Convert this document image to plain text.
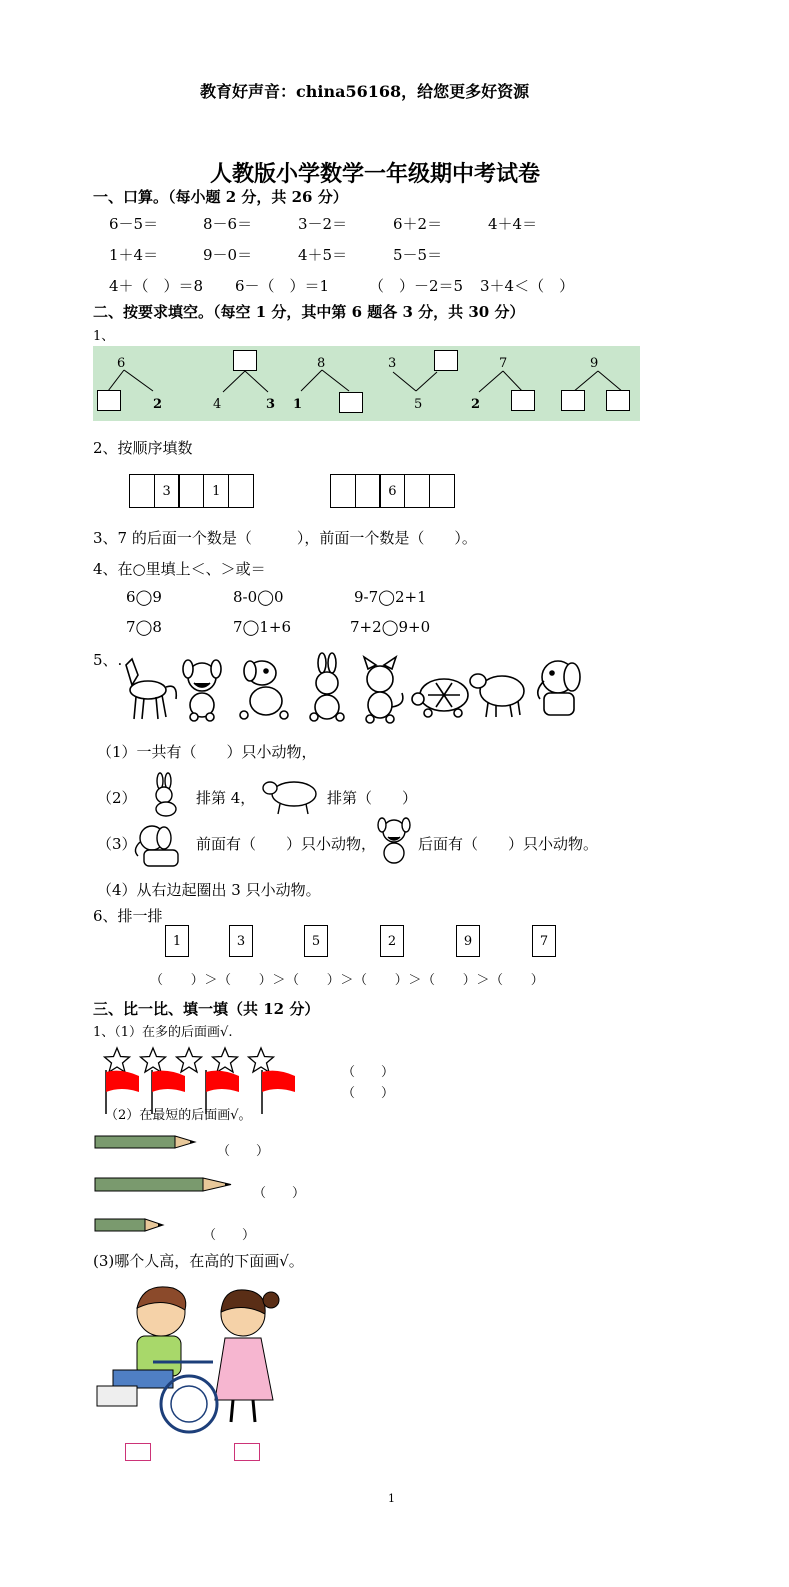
教育好声音：china56168，给您更多好资源
人教版小学数学一年级期中考试卷
一、口算。（每小题 2 分，共 26 分）
6－5＝	8－6＝	3－2＝	6＋2＝	4＋4＝
1＋4＝	9－0＝	4＋5＝	5－5＝
4＋（　）＝8 6－（　）＝1	（　）－2＝5 3＋4＜（　）
二、按要求填空。（每空 1 分，其中第 6 题各 3 分，共 30 分）
1、
6
2	4	3
8
1
3
5
7
2
9
2、按顺序填数
3	1	6
3、7 的后面一个数是（　　　），前面一个数是（　　）。
4、在○里填上＜、＞或＝
6◯9	8-0◯0	9-7◯2+1
7◯8	7◯1+6	7+2◯9+0
5、.
（1）一共有（　　）只小动物，
（2）	排第 4，	排第（　　）
（3）	前面有（　　）只小动物，	后面有（　　）只小动物。
（4）从右边起圈出 3 只小动物。
6、排一排
1	3	5	2	9	7
（　　）＞（　　）＞（　　）＞（　　）＞（　　）＞（　　）
三、比一比、填一填（共 12 分）
1、（1）在多的后面画√.
（　　）
（　　）
（2）在最短的后面画√。
（　　）
（　　）
（　　）
(3)哪个人高，在高的下面画√。
1
